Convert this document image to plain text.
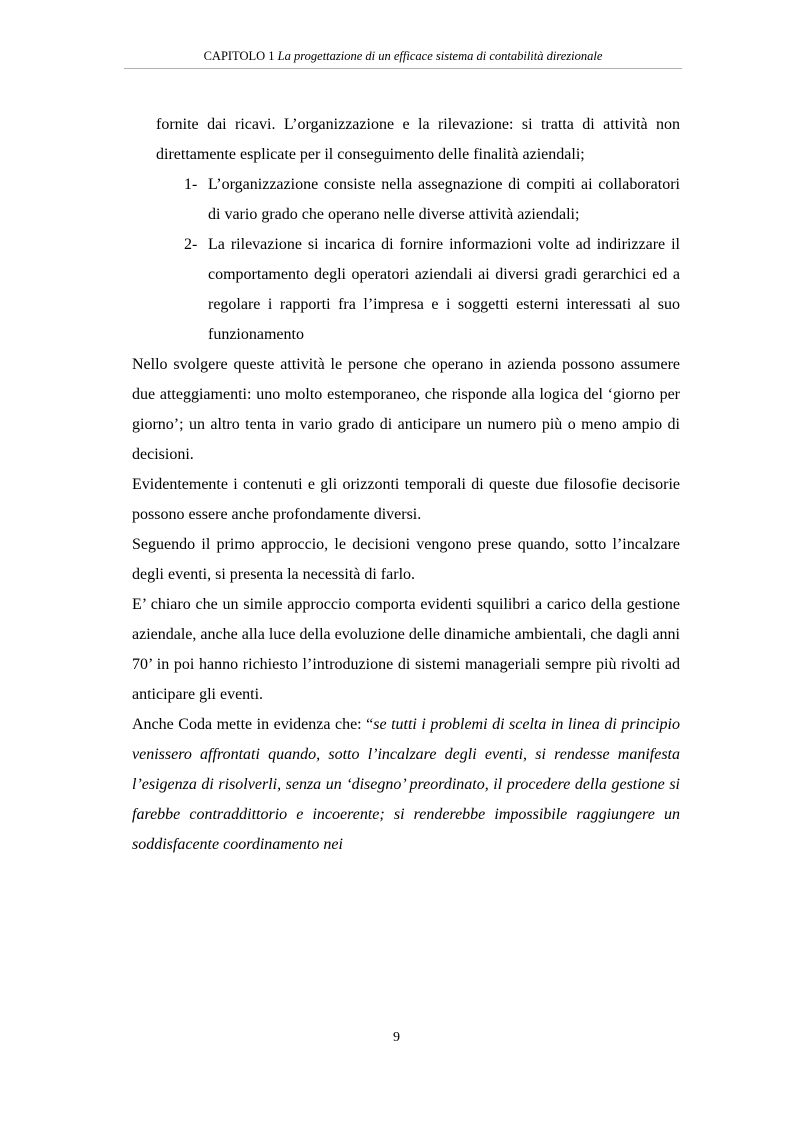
CAPITOLO 1 La progettazione di un efficace sistema di contabilità direzionale

fornite dai ricavi. L’organizzazione e la rilevazione: si tratta di attività non direttamente esplicate per il conseguimento delle finalità aziendali;

1- L’organizzazione consiste nella assegnazione di compiti ai collaboratori di vario grado che operano nelle diverse attività aziendali;
2- La rilevazione si incarica di fornire informazioni volte ad indirizzare il comportamento degli operatori aziendali ai diversi gradi gerarchici ed a regolare i rapporti fra l’impresa e i soggetti esterni interessati al suo funzionamento

Nello svolgere queste attività le persone che operano in azienda possono assumere due atteggiamenti: uno molto estemporaneo, che risponde alla logica del ‘giorno per giorno’; un altro tenta in vario grado di anticipare un numero più o meno ampio di decisioni.

Evidentemente i contenuti e gli orizzonti temporali di queste due filosofie decisorie possono essere anche profondamente diversi.

Seguendo il primo approccio, le decisioni vengono prese quando, sotto l’incalzare degli eventi, si presenta la necessità di farlo.

E’ chiaro che un simile approccio comporta evidenti squilibri a carico della gestione aziendale, anche alla luce della evoluzione delle dinamiche ambientali, che dagli anni 70’ in poi hanno richiesto l’introduzione di sistemi manageriali sempre più rivolti ad anticipare gli eventi.

Anche Coda mette in evidenza che: “se tutti i problemi di scelta in linea di principio venissero affrontati quando, sotto l’incalzare degli eventi, si rendesse manifesta l’esigenza di risolverli, senza un ‘disegno’ preordinato, il procedere della gestione si farebbe contraddittorio e incoerente; si renderebbe impossibile raggiungere un soddisfacente coordinamento nei

9
